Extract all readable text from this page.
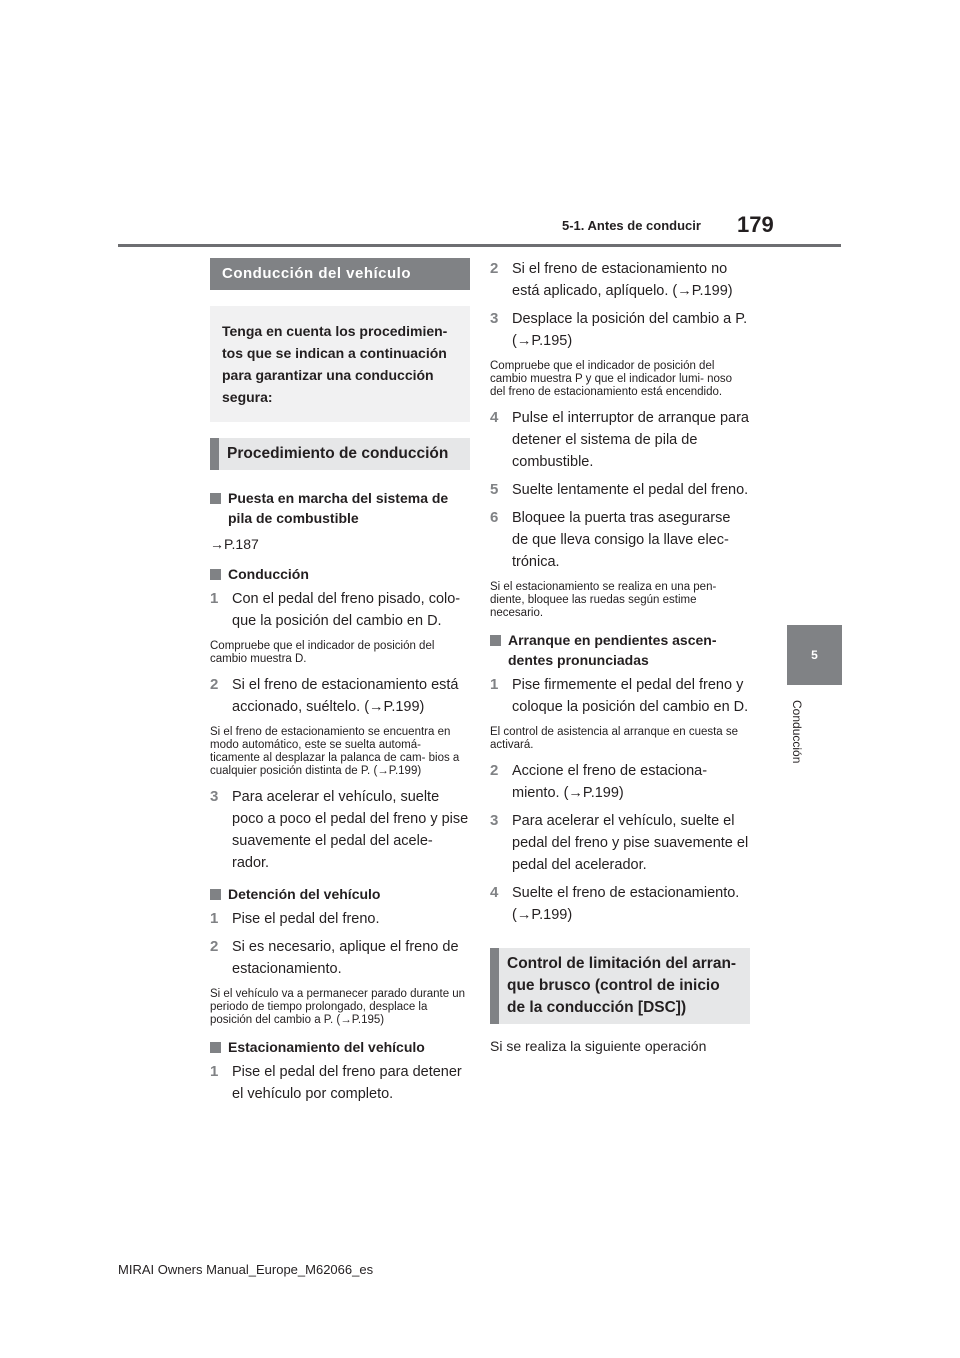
5-1. Antes de conducir 179
5
Conducción
Conducción del vehículo
Tenga en cuenta los procedimien- tos que se indican a continuación para garantizar una conducción segura:
Procedimiento de conducción
Puesta en marcha del sistema de pila de combustible
→P.187
Conducción
1 Con el pedal del freno pisado, colo- que la posición del cambio en D.
Compruebe que el indicador de posición del cambio muestra D.
2 Si el freno de estacionamiento está accionado, suéltelo. (→P.199)
Si el freno de estacionamiento se encuentra en modo automático, este se suelta automá- ticamente al desplazar la palanca de cam- bios a cualquier posición distinta de P. (→P.199)
3 Para acelerar el vehículo, suelte poco a poco el pedal del freno y pise suavemente el pedal del acele- rador.
Detención del vehículo
1 Pise el pedal del freno.
2 Si es necesario, aplique el freno de estacionamiento.
Si el vehículo va a permanecer parado durante un periodo de tiempo prolongado, desplace la posición del cambio a P. (→P.195)
Estacionamiento del vehículo
1 Pise el pedal del freno para detener el vehículo por completo.
2 Si el freno de estacionamiento no está aplicado, aplíquelo. (→P.199)
3 Desplace la posición del cambio a P. (→P.195)
Compruebe que el indicador de posición del cambio muestra P y que el indicador lumi- noso del freno de estacionamiento está encendido.
4 Pulse el interruptor de arranque para detener el sistema de pila de combustible.
5 Suelte lentamente el pedal del freno.
6 Bloquee la puerta tras asegurarse de que lleva consigo la llave elec- trónica.
Si el estacionamiento se realiza en una pen- diente, bloquee las ruedas según estime necesario.
Arranque en pendientes ascen- dentes pronunciadas
1 Pise firmemente el pedal del freno y coloque la posición del cambio en D.
El control de asistencia al arranque en cuesta se activará.
2 Accione el freno de estaciona- miento. (→P.199)
3 Para acelerar el vehículo, suelte el pedal del freno y pise suavemente el pedal del acelerador.
4 Suelte el freno de estacionamiento. (→P.199)
Control de limitación del arran- que brusco (control de inicio de la conducción [DSC])
Si se realiza la siguiente operación
MIRAI Owners Manual_Europe_M62066_es
